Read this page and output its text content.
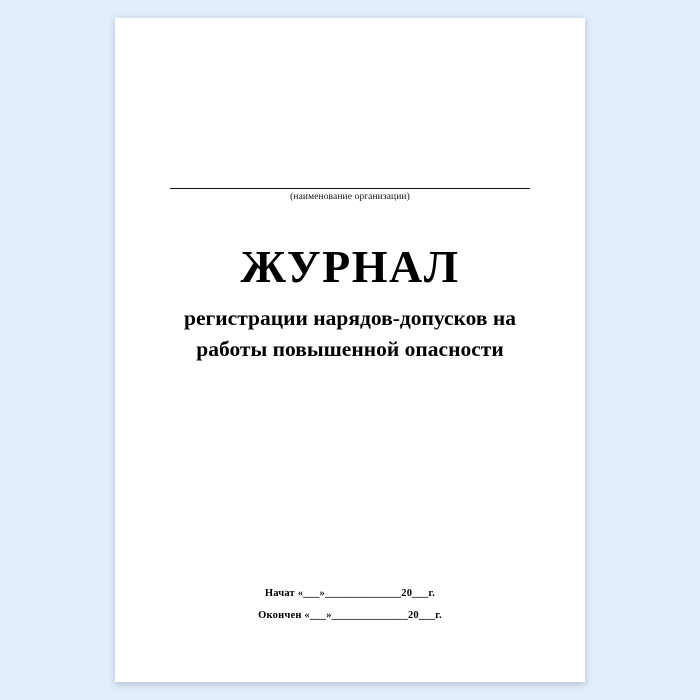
(наименование организации)
ЖУРНАЛ
регистрации нарядов-допусков на
работы повышенной опасности
Начат «___»______________20___г.
Окончен «___»______________20___г.
